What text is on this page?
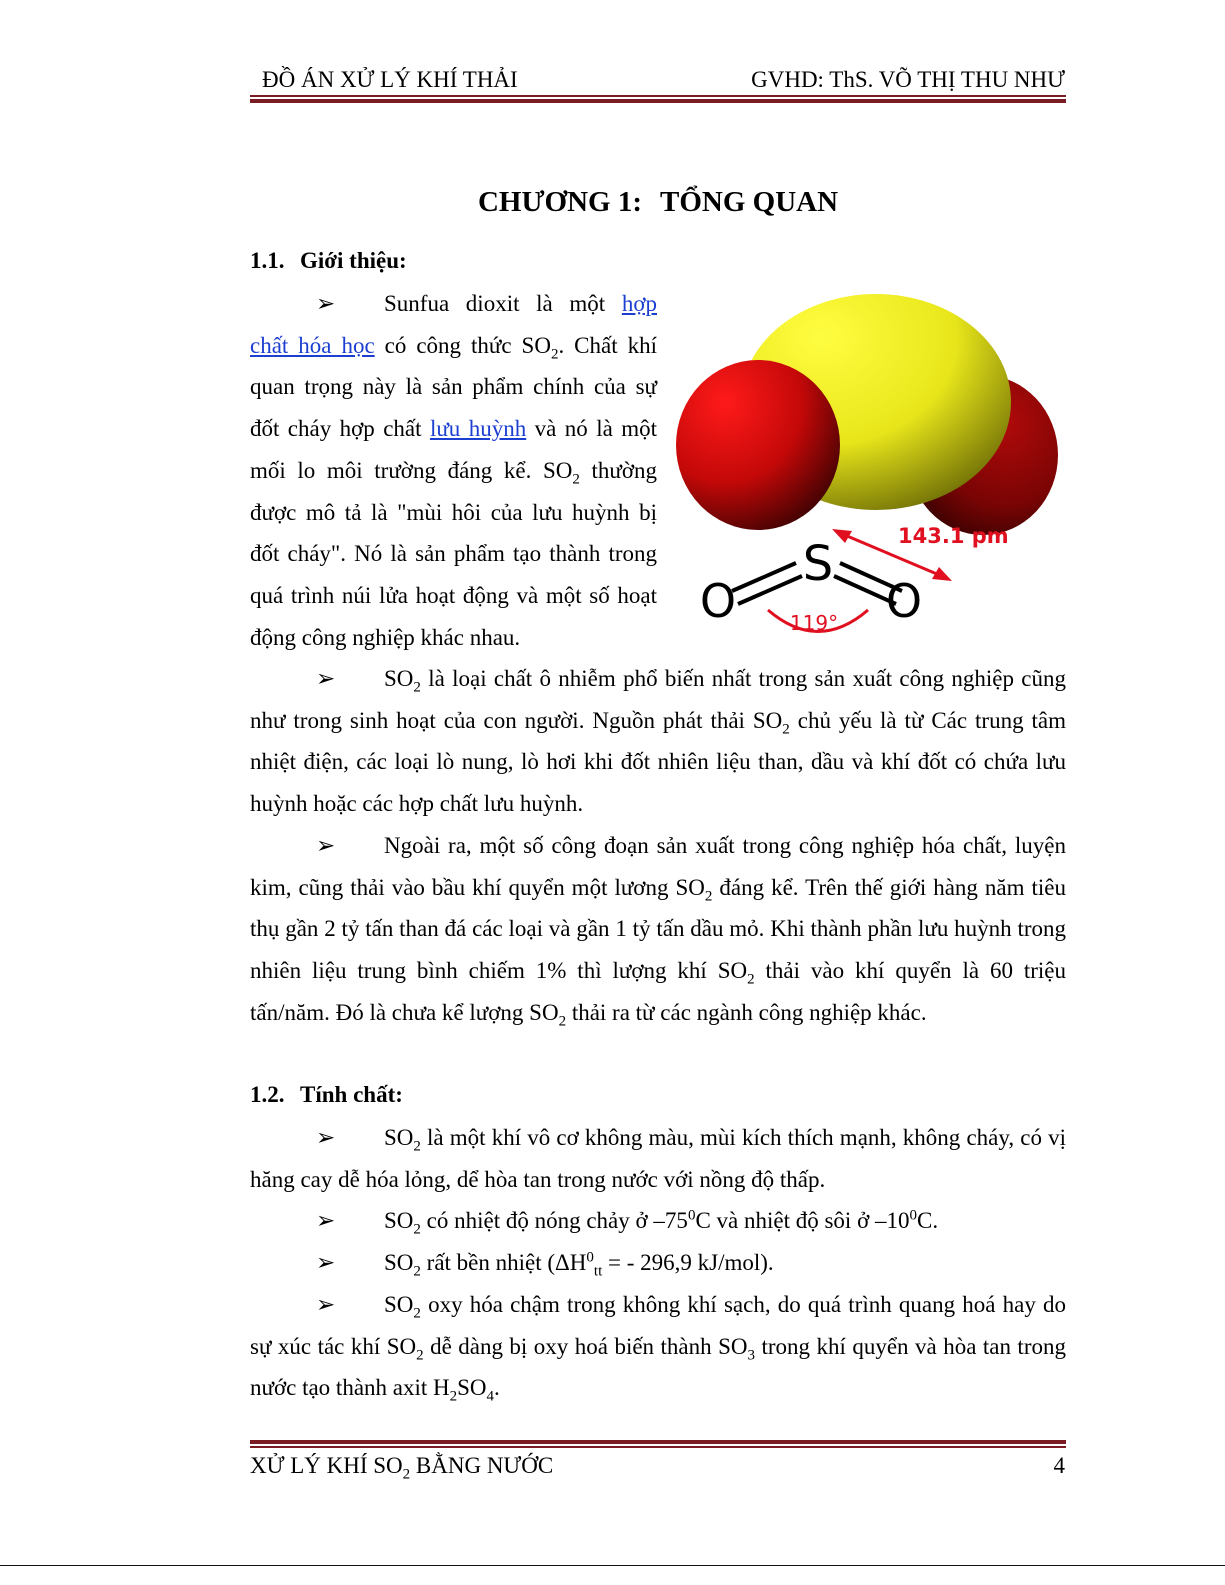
ĐỒ ÁN XỬ LÝ KHÍ THẢI	GVHD: ThS. VÕ THỊ THU NHƯ
CHƯƠNG 1: TỔNG QUAN
1.1. Giới thiệu:
➢ Sunfua dioxit là một hợp chất hóa học có công thức $SO_2$. Chất khí quan trọng này là sản phẩm chính của sự đốt cháy hợp chất lưu huỳnh và nó là một mối lo môi trường đáng kể. $SO_2$ thường được mô tả là "mùi hôi của lưu huỳnh bị đốt cháy". Nó là sản phẩm tạo thành trong quá trình núi lửa hoạt động và một số hoạt động công nghiệp khác nhau.
143.1 pm
S
O	O
119°
➢ $SO_2$ là loại chất ô nhiễm phổ biến nhất trong sản xuất công nghiệp cũng như trong sinh hoạt của con người. Nguồn phát thải $SO_2$ chủ yếu là từ Các trung tâm nhiệt điện, các loại lò nung, lò hơi khi đốt nhiên liệu than, dầu và khí đốt có chứa lưu huỳnh hoặc các hợp chất lưu huỳnh.
➢ Ngoài ra, một số công đoạn sản xuất trong công nghiệp hóa chất, luyện kim, cũng thải vào bầu khí quyển một lương $SO_2$ đáng kể. Trên thế giới hàng năm tiêu thụ gần 2 tỷ tấn than đá các loại và gần 1 tỷ tấn dầu mỏ. Khi thành phần lưu huỳnh trong nhiên liệu trung bình chiếm 1% thì lượng khí $SO_2$ thải vào khí quyển là 60 triệu tấn/năm. Đó là chưa kể lượng $SO_2$ thải ra từ các ngành công nghiệp khác.
1.2. Tính chất:
➢ $SO_2$ là một khí vô cơ không màu, mùi kích thích mạnh, không cháy, có vị hăng cay dễ hóa lỏng, dể hòa tan trong nước với nồng độ thấp.
➢ $SO_2$ có nhiệt độ nóng chảy ở $-75^0C$ và nhiệt độ sôi ở $-10^0C$.
➢ $SO_2$ rất bền nhiệt ($\Delta H^0_{tt}$ = - 296,9 kJ/mol).
➢ $SO_2$ oxy hóa chậm trong không khí sạch, do quá trình quang hoá hay do sự xúc tác khí $SO_2$ dễ dàng bị oxy hoá biến thành $SO_3$ trong khí quyển và hòa tan trong nước tạo thành axit $H_2SO_4$.
XỬ LÝ KHÍ $SO_2$ BẰNG NƯỚC	4
